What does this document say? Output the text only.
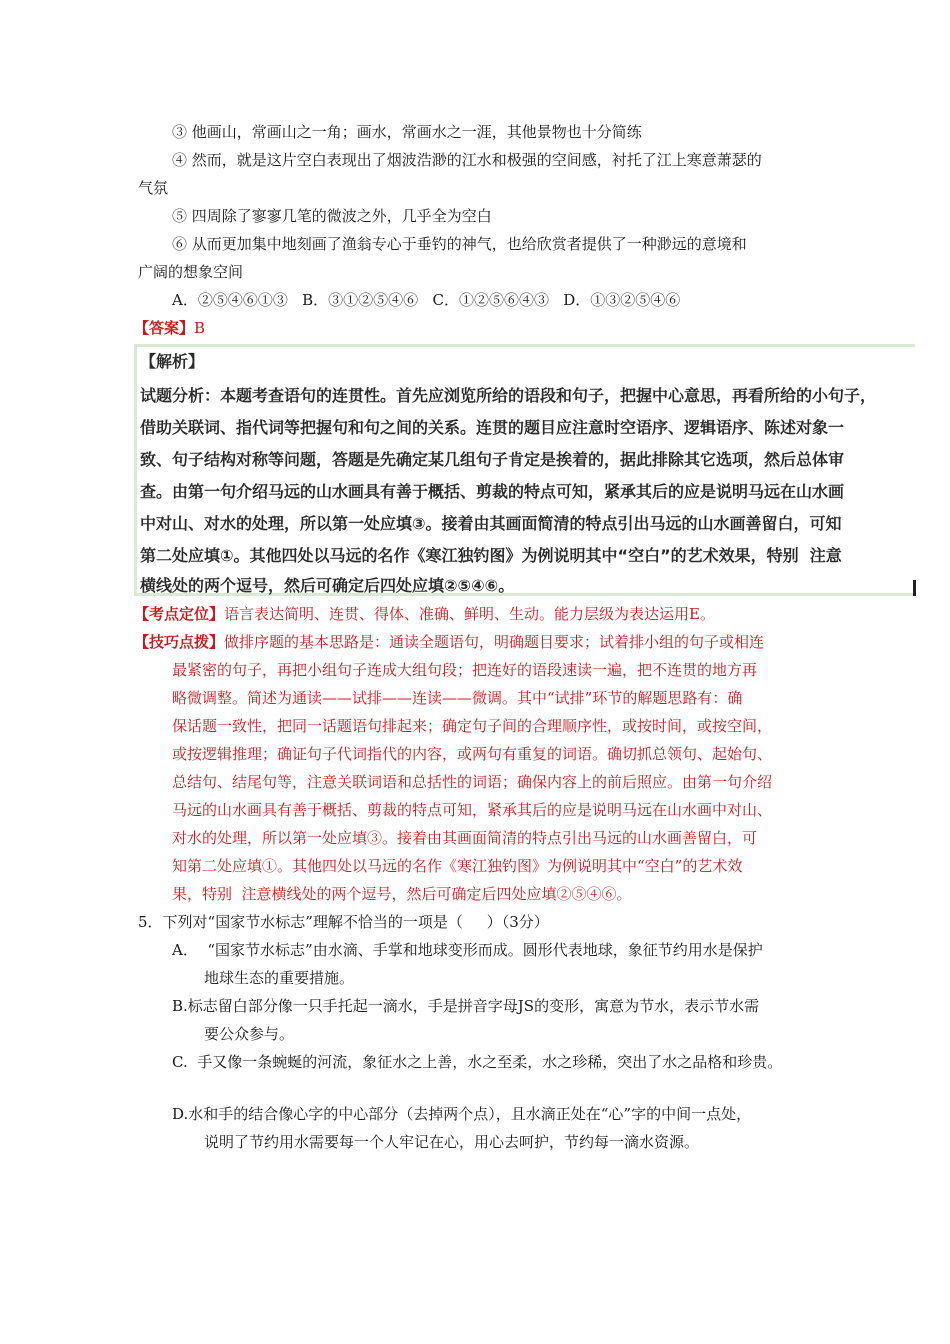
③ 他画山，常画山之一角；画水，常画水之一涯，其他景物也十分简练
④ 然而，就是这片空白表现出了烟波浩渺的江水和极强的空间感，衬托了江上寒意萧瑟的
气氛
⑤ 四周除了寥寥几笔的微波之外，几乎全为空白
⑥ 从而更加集中地刻画了渔翁专心于垂钓的神气，也给欣赏者提供了一种渺远的意境和
广阔的想象空间
A．②⑤④⑥①③   B．③①②⑤④⑥   C．①②⑤⑥④③   D．①③②⑤④⑥
【答案】B
【解析】
试题分析：本题考查语句的连贯性。首先应浏览所给的语段和句子，把握中心意思，再看所给的小句子，
借助关联词、指代词等把握句和句之间的关系。连贯的题目应注意时空语序、逻辑语序、陈述对象一
致、句子结构对称等问题，答题是先确定某几组句子肯定是挨着的，据此排除其它选项，然后总体审
查。由第一句介绍马远的山水画具有善于概括、剪裁的特点可知，紧承其后的应是说明马远在山水画
中对山、对水的处理，所以第一处应填③。接着由其画面简清的特点引出马远的山水画善留白，可知
第二处应填①。其他四处以马远的名作《寒江独钓图》为例说明其中“空白”的艺术效果，特别  注意
横线处的两个逗号，然后可确定后四处应填②⑤④⑥。
【考点定位】语言表达简明、连贯、得体、准确、鲜明、生动。能力层级为表达运用E。
【技巧点拨】做排序题的基本思路是：通读全题语句，明确题目要求；试着排小组的句子或相连
最紧密的句子，再把小组句子连成大组句段；把连好的语段速读一遍，把不连贯的地方再
略微调整。简述为通读——试排——连读——微调。其中“试排”环节的解题思路有：确
保话题一致性，把同一话题语句排起来；确定句子间的合理顺序性，或按时间，或按空间，
或按逻辑推理；确证句子代词指代的内容，或两句有重复的词语。确切抓总领句、起始句、
总结句、结尾句等，注意关联词语和总括性的词语；确保内容上的前后照应。由第一句介绍
马远的山水画具有善于概括、剪裁的特点可知，紧承其后的应是说明马远在山水画中对山、
对水的处理，所以第一处应填③。接着由其画面简清的特点引出马远的山水画善留白，可
知第二处应填①。其他四处以马远的名作《寒江独钓图》为例说明其中“空白”的艺术效
果，特别  注意横线处的两个逗号，然后可确定后四处应填②⑤④⑥。
5．下列对“国家节水标志”理解不恰当的一项是（     ）（3分）
A．  “国家节水标志”由水滴、手掌和地球变形而成。圆形代表地球，象征节约用水是保护
地球生态的重要措施。
B.标志留白部分像一只手托起一滴水，手是拼音字母JS的变形，寓意为节水，表示节水需
要公众参与。
C.  手又像一条蜿蜒的河流，象征水之上善，水之至柔，水之珍稀，突出了水之品格和珍贵。
D.水和手的结合像心字的中心部分（去掉两个点），且水滴正处在“心”字的中间一点处，
说明了节约用水需要每一个人牢记在心，用心去呵护，节约每一滴水资源。
